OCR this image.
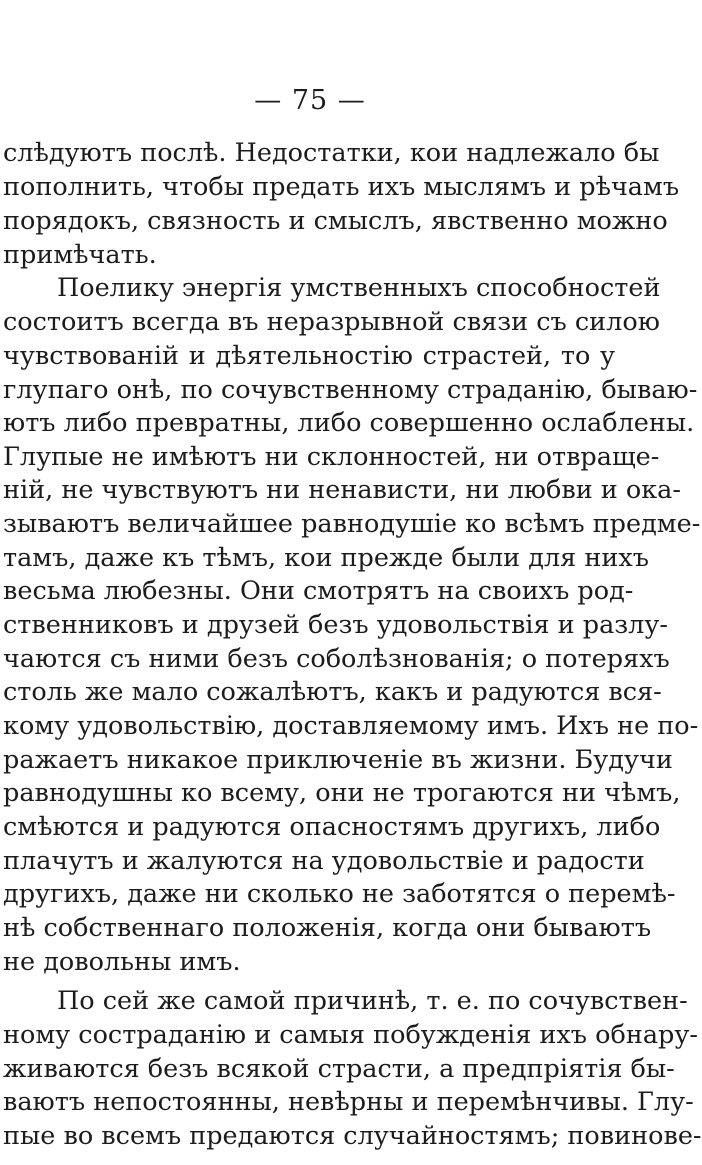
— 75 —
слѣдуютъ послѣ. Недостатки, кои надлежало бы
пополнить, чтобы предать ихъ мыслямъ и рѣчамъ
порядокъ, связность и смыслъ, явственно можно
примѣчать.
Поелику энергія умственныхъ способностей
состоитъ всегда въ неразрывной связи съ силою
чувствованій и дѣятельностію страстей, то у
глупаго онѣ, по сочувственному страданію, бываю-
ютъ либо превратны, либо совершенно ослаблены.
Глупые не имѣютъ ни склонностей, ни отвраще-
ній, не чувствуютъ ни ненависти, ни любви и ока-
зываютъ величайшее равнодушіе ко всѣмъ предме-
тамъ, даже къ тѣмъ, кои прежде были для нихъ
весьма любезны. Они смотрятъ на своихъ род-
ственниковъ и друзей безъ удовольствія и разлу-
чаются съ ними безъ соболѣзнованія; о потеряхъ
столь же мало сожалѣютъ, какъ и радуются вся-
кому удовольствію, доставляемому имъ. Ихъ не по-
ражаетъ никакое приключеніе въ жизни. Будучи
равнодушны ко всему, они не трогаются ни чѣмъ,
смѣются и радуются опасностямъ другихъ, либо
плачутъ и жалуются на удовольствіе и радости
другихъ, даже ни сколько не заботятся о перемѣ-
нѣ собственнаго положенія, когда они бываютъ
не довольны имъ.
По сей же самой причинѣ, т. е. по сочувствен-
ному состраданію и самыя побужденія ихъ обнару-
живаются безъ всякой страсти, а предпріятія бы-
ваютъ непостоянны, невѣрны и перемѣнчивы. Глу-
пые во всемъ предаются случайностямъ; повинове-
